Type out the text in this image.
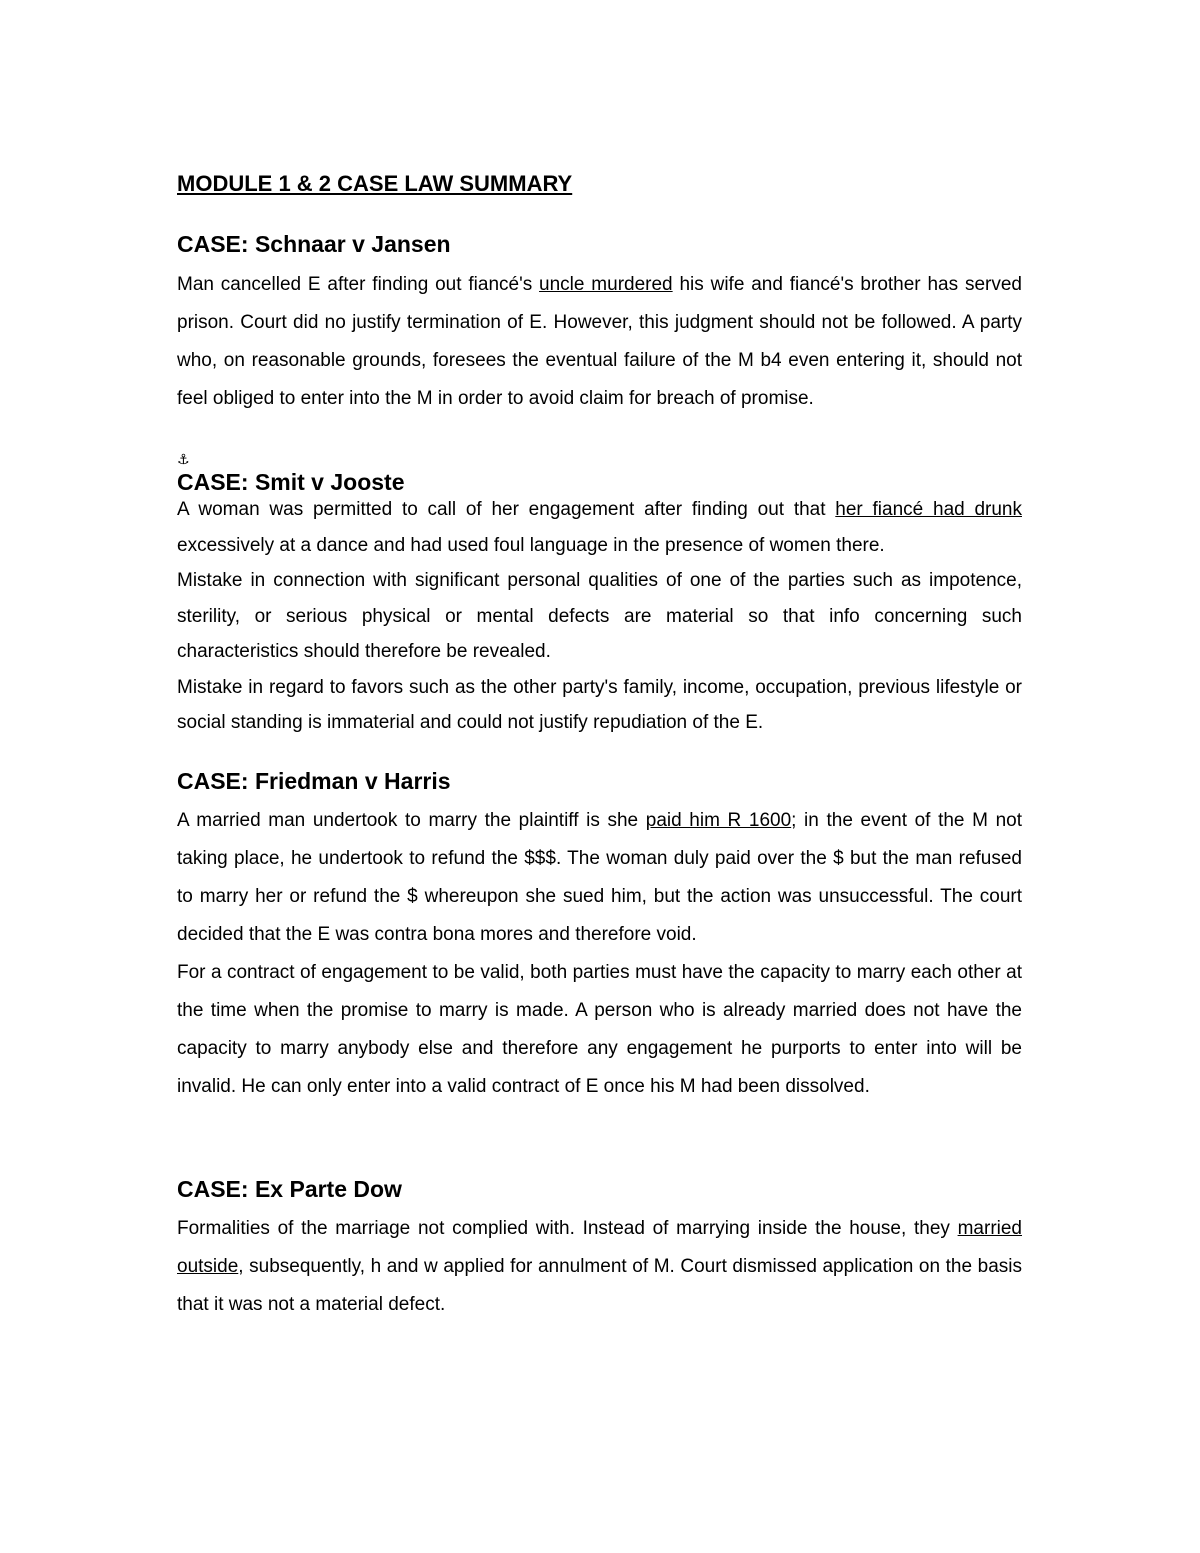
MODULE 1 & 2 CASE LAW SUMMARY
CASE: Schnaar v Jansen

Man cancelled E after finding out fiancé's uncle murdered his wife and fiancé's brother has served prison. Court did no justify termination of E. However, this judgment should not be followed. A party who, on reasonable grounds, foresees the eventual failure of the M b4 even entering it, should not feel obliged to enter into the M in order to avoid claim for breach of promise.

⚓
CASE: Smit v Jooste
A woman was permitted to call of her engagement after finding out that her fiancé had drunk excessively at a dance and had used foul language in the presence of women there.
Mistake in connection with significant personal qualities of one of the parties such as impotence, sterility, or serious physical or mental defects are material so that info concerning such characteristics should therefore be revealed.
Mistake in regard to favors such as the other party's family, income, occupation, previous lifestyle or social standing is immaterial and could not justify repudiation of the E.
CASE: Friedman v Harris
A married man undertook to marry the plaintiff is she paid him R 1600; in the event of the M not taking place, he undertook to refund the $$$. The woman duly paid over the $ but the man refused to marry her or refund the $ whereupon she sued him, but the action was unsuccessful. The court decided that the E was contra bona mores and therefore void.
For a contract of engagement to be valid, both parties must have the capacity to marry each other at the time when the promise to marry is made. A person who is already married does not have the capacity to marry anybody else and therefore any engagement he purports to enter into will be invalid. He can only enter into a valid contract of E once his M had been dissolved.
CASE: Ex Parte Dow

Formalities of the marriage not complied with. Instead of marrying inside the house, they married outside, subsequently, h and w applied for annulment of M. Court dismissed application on the basis that it was not a material defect.
